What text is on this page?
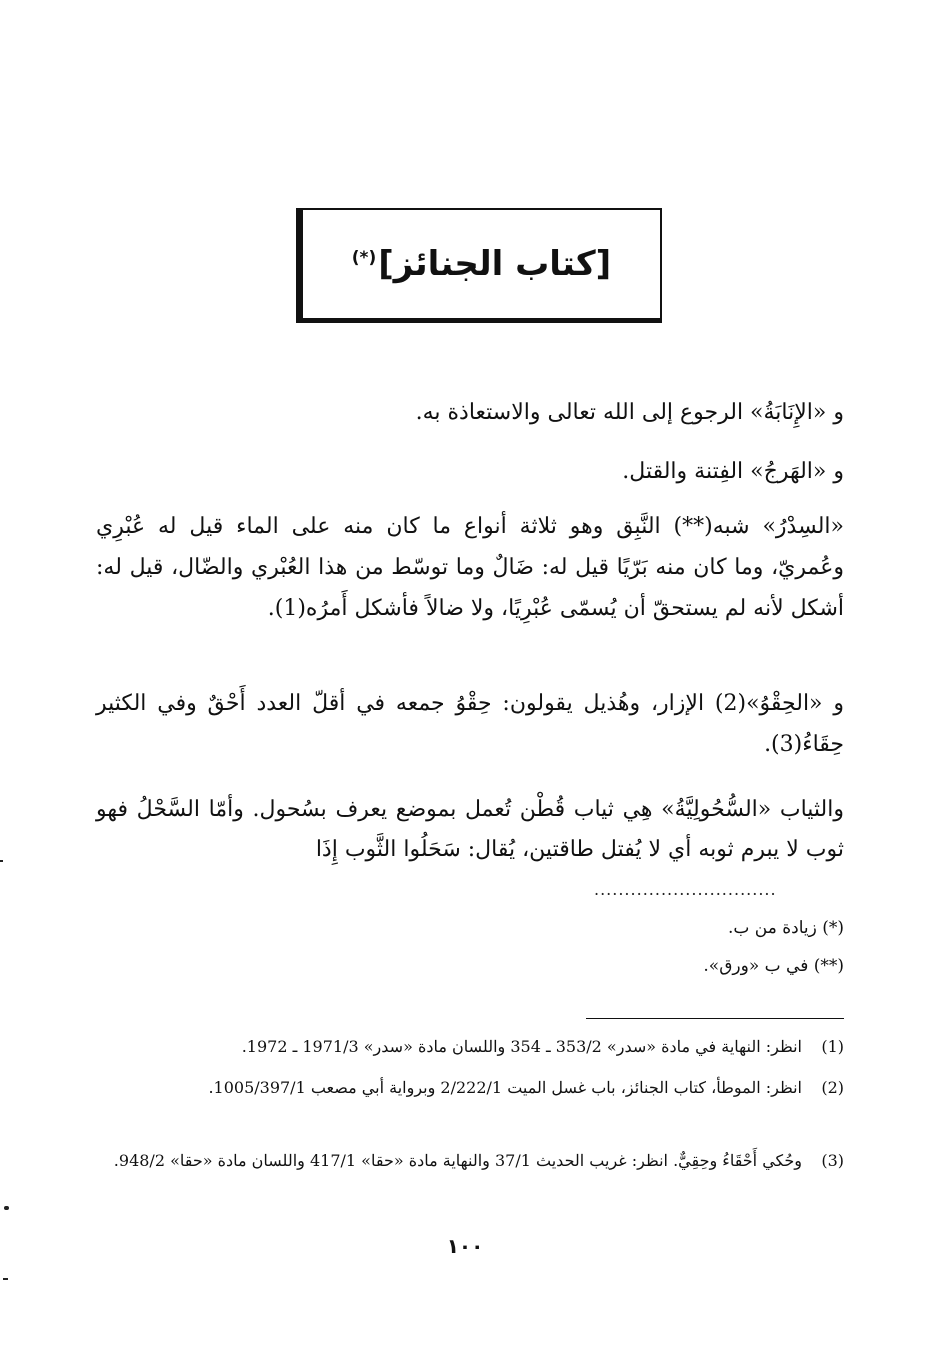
[كتاب الجنائز](*)

و «الإِنَابَةُ» الرجوع إلى الله تعالى والاستعاذة به.

و «الهَرجُ» الفِتنة والقتل.

«السِدْرُ» شبه(**) النَّبِق وهو ثلاثة أنواع ما كان منه على الماء قيل له عُبْرِي وعُمريّ، وما كان منه بَرّيًا قيل له: ضَالٌ وما توسّط من هذا العُبْري والضّال، قيل له: أشكل لأنه لم يستحقّ أن يُسمّى عُبْرِيًا، ولا ضالاً فأشكل أَمرُه(1).

و «الحِقْوُ»(2) الإزار، وهُذيل يقولون: حِقْوُ جمعه في أقلّ العدد أَحْقٌ وفي الكثير حِقَاءُ(3).

والثياب «السُّحُولِيَّةُ» هِي ثياب قُطْن تُعمل بموضع يعرف بسُحول. وأمّا السَّحْلُ فهو ثوب لا يبرم ثوبه أي لا يُفتل طاقتين، يُقال: سَحَلُوا الثَّوب إِذَا

..............................
(*) زيادة من ب.
(**) في ب «ورق».
(1)
انظر: النهاية في مادة «سدر» 353/2 ـ 354 واللسان مادة «سدر» 1971/3 ـ 1972.
(2)
انظر: الموطأ، كتاب الجنائز، باب غسل الميت 2/222/1 وبرواية أبي مصعب 1005/397/1.
(3)
وحُكي أَحْقَاءُ وحِقِيٌّ. انظر: غريب الحديث 37/1 والنهاية مادة «حقا» 417/1 واللسان مادة «حقا» 948/2.
١٠٠
